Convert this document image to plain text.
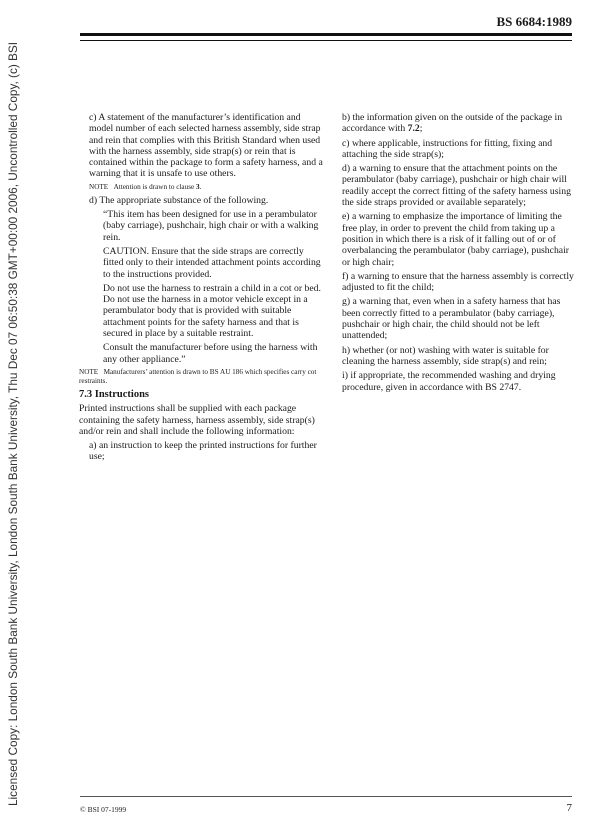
BS 6684:1989
Licensed Copy: London South Bank University, London South Bank University, Thu Dec 07 06:50:38 GMT+00:00 2006, Uncontrolled Copy, (c) BSI	c) A statement of the manufacturer’s identification and model number of each selected harness assembly, side strap and rein that complies with this British Standard when used with the harness assembly, side strap(s) or rein that is contained within the package to form a safety harness, and a warning that it is unsafe to use others.

NOTE Attention is drawn to clause 3.

d) The appropriate substance of the following.

“This item has been designed for use in a perambulator (baby carriage), pushchair, high chair or with a walking rein.

CAUTION. Ensure that the side straps are correctly fitted only to their intended attachment points according to the instructions provided.

Do not use the harness to restrain a child in a cot or bed. Do not use the harness in a motor vehicle except in a perambulator body that is provided with suitable attachment points for the safety harness and that is secured in place by a suitable restraint.

Consult the manufacturer before using the harness with any other appliance.”

NOTE Manufacturers’ attention is drawn to BS AU 186 which specifies carry cot restraints.

7.3 Instructions

Printed instructions shall be supplied with each package containing the safety harness, harness assembly, side strap(s) and/or rein and shall include the following information:

a) an instruction to keep the printed instructions for further use;

b) the information given on the outside of the package in accordance with 7.2;

c) where applicable, instructions for fitting, fixing and attaching the side strap(s);

d) a warning to ensure that the attachment points on the perambulator (baby carriage), pushchair or high chair will readily accept the correct fitting of the safety harness using the side straps provided or available separately;

e) a warning to emphasize the importance of limiting the free play, in order to prevent the child from taking up a position in which there is a risk of it falling out of or of overbalancing the perambulator (baby carriage), pushchair or high chair;

f) a warning to ensure that the harness assembly is correctly adjusted to fit the child;

g) a warning that, even when in a safety harness that has been correctly fitted to a perambulator (baby carriage), pushchair or high chair, the child should not be left unattended;

h) whether (or not) washing with water is suitable for cleaning the harness assembly, side strap(s) and rein;

i) if appropriate, the recommended washing and drying procedure, given in accordance with BS 2747.

© BSI 07-1999	7
